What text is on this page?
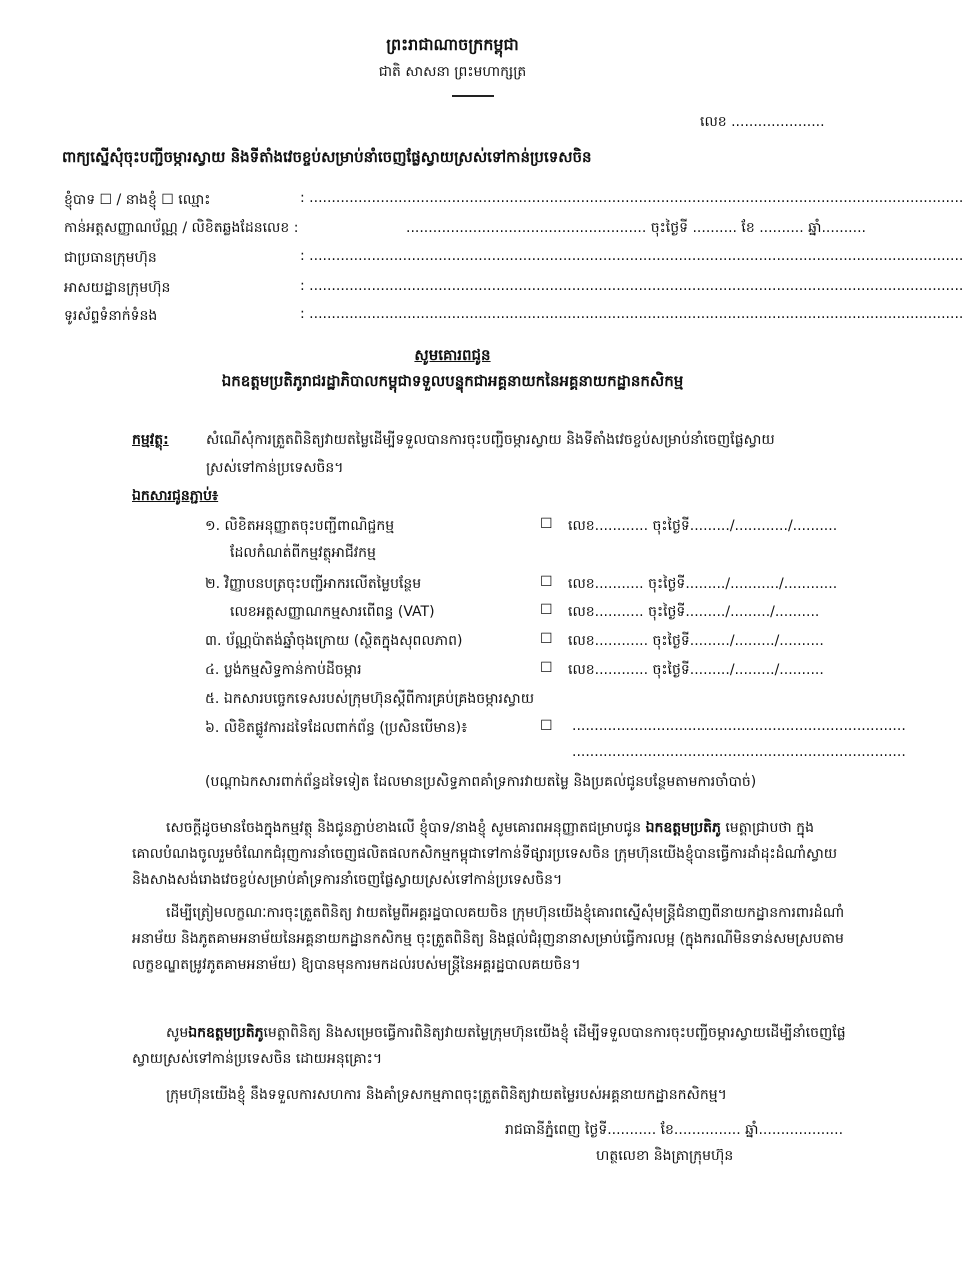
ព្រះរាជាណាចក្រកម្ពុជា
ជាតិ សាសនា ព្រះមហាក្សត្រ
លេខ .....................
ពាក្យស្នើសុំចុះបញ្ជីចម្ការស្វាយ និងទីតាំងវេចខ្ចប់សម្រាប់នាំចេញផ្លែស្វាយស្រស់ទៅកាន់ប្រទេសចិន
ខ្ញុំបាទ ☐ / នាងខ្ញុំ ☐ ឈ្មោះ	: ...................................................................................................................................................
កាន់អត្តសញ្ញាណប័ណ្ណ / លិខិតឆ្លងដែនលេខ :	...................................................... ចុះថ្ងៃទី .......... ខែ .......... ឆ្នាំ..........
ជាប្រធានក្រុមហ៊ុន	: ...................................................................................................................................................
អាសយដ្ឋានក្រុមហ៊ុន	: ...................................................................................................................................................
ទូរស័ព្ទទំនាក់ទំនង	: ...................................................................................................................................................
សូមគោរពជូន
ឯកឧត្តមប្រតិភូរាជរដ្ឋាភិបាលកម្ពុជាទទួលបន្ទុកជាអគ្គនាយកនៃអគ្គនាយកដ្ឋានកសិកម្ម
កម្មវត្ថុ:	សំណើសុំការត្រួតពិនិត្យវាយតម្លៃដើម្បីទទួលបានការចុះបញ្ជីចម្ការស្វាយ និងទីតាំងវេចខ្ចប់សម្រាប់នាំចេញផ្លែស្វាយ
ស្រស់ទៅកាន់ប្រទេសចិន។
ឯកសារជូនភ្ជាប់៖
១. លិខិតអនុញ្ញាតចុះបញ្ជីពាណិជ្ជកម្ម	☐ លេខ............ ចុះថ្ងៃទី........./............/..........
ដែលកំណត់ពីកម្មវត្ថុអាជីវកម្ម
២. វិញ្ញាបនបត្រចុះបញ្ជីអាករលើតម្លៃបន្ថែម	☐ លេខ........... ចុះថ្ងៃទី........./.........../............
លេខអត្តសញ្ញាណកម្មសារពើពន្ធ (VAT)	☐ លេខ........... ចុះថ្ងៃទី........./........./..........
៣. ប័ណ្ណប៉ាតង់ឆ្នាំចុងក្រោយ (ស្ថិតក្នុងសុពលភាព)	☐ លេខ............ ចុះថ្ងៃទី........./........./..........
៤. ប្លង់កម្មសិទ្ធកាន់កាប់ដីចម្ការ	☐ លេខ............ ចុះថ្ងៃទី........./........./..........
៥. ឯកសារបច្ចេកទេសរបស់ក្រុមហ៊ុនស្ដីពីការគ្រប់គ្រងចម្ការស្វាយ
៦. លិខិតផ្លូវការដទៃដែលពាក់ព័ន្ធ (ប្រសិនបើមាន)៖	☐ ...........................................................................
...........................................................................
(បណ្ដាឯកសារពាក់ព័ន្ធដទៃទៀត ដែលមានប្រសិទ្ធភាពគាំទ្រការវាយតម្លៃ និងប្រគល់ជូនបន្ថែមតាមការចាំបាច់)
សេចក្ដីដូចមានចែងក្នុងកម្មវត្ថុ និងជូនភ្ជាប់ខាងលើ ខ្ញុំបាទ/នាងខ្ញុំ សូមគោរពអនុញ្ញាតជម្រាបជូន ឯកឧត្តមប្រតិភូ មេត្តាជ្រាបថា ក្នុងគោលបំណងចូលរួមចំណែកជំរុញការនាំចេញផលិតផលកសិកម្មកម្ពុជាទៅកាន់ទីផ្សារប្រទេសចិន ក្រុមហ៊ុនយើងខ្ញុំបានធ្វើការដាំដុះដំណាំស្វាយ និងសាងសង់រោងវេចខ្ចប់សម្រាប់គាំទ្រការនាំចេញផ្លែស្វាយស្រស់ទៅកាន់ប្រទេសចិន។
ដើម្បីត្រៀមលក្ខណៈការចុះត្រួតពិនិត្យ វាយតម្លៃពីអគ្គរដ្ឋបាលគយចិន ក្រុមហ៊ុនយើងខ្ញុំគោរពស្នើសុំមន្ត្រីជំនាញពីនាយកដ្ឋានការពារដំណាំ អនាម័យ និងភូតគាមអនាម័យនៃអគ្គនាយកដ្ឋានកសិកម្ម ចុះត្រួតពិនិត្យ និងផ្ដល់ជំរុញនានាសម្រាប់ធ្វើការលម្អ (ក្នុងករណីមិនទាន់សមស្របតាមលក្ខខណ្ឌតម្រូវភូតគាមអនាម័យ) ឱ្យបានមុនការមកដល់របស់មន្ត្រីនៃអគ្គរដ្ឋបាលគយចិន។
សូមឯកឧត្តមប្រតិភូមេត្តាពិនិត្យ និងសម្រេចធ្វើការពិនិត្យវាយតម្លៃក្រុមហ៊ុនយើងខ្ញុំ ដើម្បីទទួលបានការចុះបញ្ជីចម្ការស្វាយដើម្បីនាំចេញផ្លែស្វាយស្រស់ទៅកាន់ប្រទេសចិន ដោយអនុគ្រោះ។
ក្រុមហ៊ុនយើងខ្ញុំ នឹងទទួលការសហការ និងគាំទ្រសកម្មភាពចុះត្រួតពិនិត្យវាយតម្លៃរបស់អគ្គនាយកដ្ឋានកសិកម្ម។
រាជធានីភ្នំពេញ ថ្ងៃទី........... ខែ............... ឆ្នាំ...................
ហត្ថលេខា និងត្រាក្រុមហ៊ុន
